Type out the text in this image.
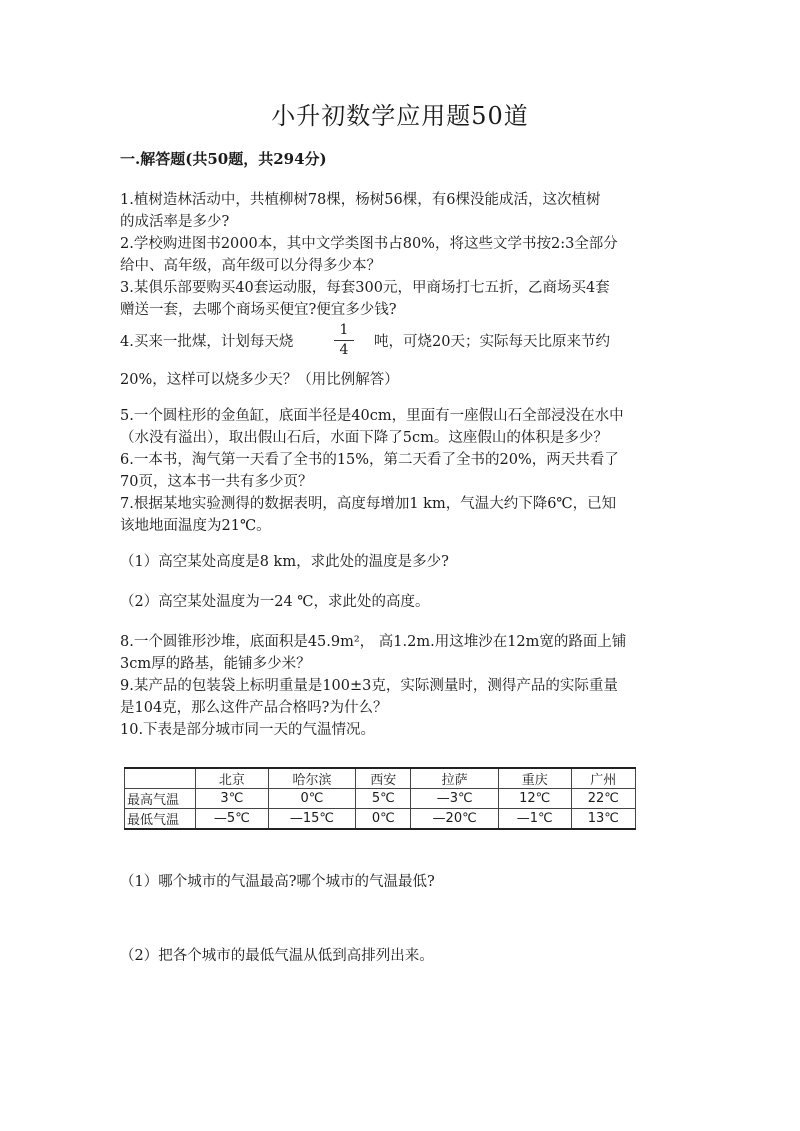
小升初数学应用题50道
一.解答题(共50题，共294分)
1.植树造林活动中，共植柳树78棵，杨树56棵，有6棵没能成活，这次植树
的成活率是多少?
2.学校购进图书2000本，其中文学类图书占80%，将这些文学书按2:3全部分
给中、高年级，高年级可以分得多少本？
3.某俱乐部要购买40套运动服，每套300元，甲商场打七五折，乙商场买4套
赠送一套，去哪个商场买便宜?便宜多少钱?
4.买来一批煤，计划每天烧	$\frac{1}{4}$ 吨，可烧20天；实际每天比原来节约
20%，这样可以烧多少天？（用比例解答）
5.一个圆柱形的金鱼缸，底面半径是40cm，里面有一座假山石全部浸没在水中
（水没有溢出），取出假山石后，水面下降了5cm。这座假山的体积是多少？
6.一本书，淘气第一天看了全书的15%，第二天看了全书的20%，两天共看了
70页，这本书一共有多少页？
7.根据某地实验测得的数据表明，高度每增加1 km，气温大约下降6℃，已知
该地地面温度为21℃。
（1）高空某处高度是8 km，求此处的温度是多少?
（2）高空某处温度为一24 ℃，求此处的高度。
8.一个圆锥形沙堆，底面积是45.9m²， 高1.2m.用这堆沙在12m宽的路面上铺
3cm厚的路基，能铺多少米？
9.某产品的包装袋上标明重量是100±3克，实际测量时，测得产品的实际重量
是104克，那么这件产品合格吗?为什么？
10.下表是部分城市同一天的气温情况。
	北京	哈尔滨	西安	拉萨	重庆	广州
最高气温	3℃	0℃	5℃	—3℃	12℃	22℃
最低气温	—5℃	—15℃	0℃	—20℃	—1℃	13℃
（1）哪个城市的气温最高?哪个城市的气温最低?
（2）把各个城市的最低气温从低到高排列出来。
